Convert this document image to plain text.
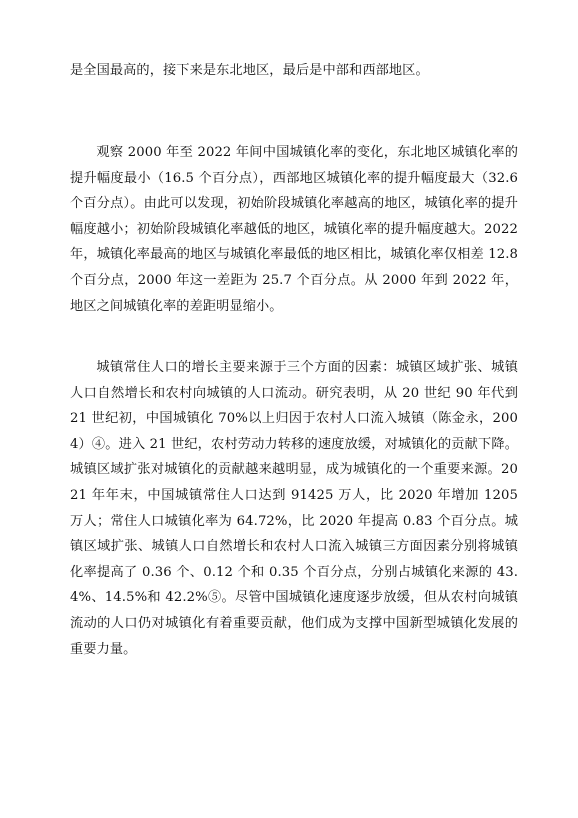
是全国最高的，接下来是东北地区，最后是中部和西部地区。

观察 2000 年至 2022 年间中国城镇化率的变化，东北地区城镇化率的提升幅度最小（16.5 个百分点），西部地区城镇化率的提升幅度最大（32.6 个百分点）。由此可以发现，初始阶段城镇化率越高的地区，城镇化率的提升幅度越小；初始阶段城镇化率越低的地区，城镇化率的提升幅度越大。2022 年，城镇化率最高的地区与城镇化率最低的地区相比，城镇化率仅相差 12.8 个百分点，2000 年这一差距为 25.7 个百分点。从 2000 年到 2022 年，地区之间城镇化率的差距明显缩小。

城镇常住人口的增长主要来源于三个方面的因素：城镇区域扩张、城镇人口自然增长和农村向城镇的人口流动。研究表明，从 20 世纪 90 年代到 21 世纪初，中国城镇化 70%以上归因于农村人口流入城镇（陈金永，2004）④。进入 21 世纪，农村劳动力转移的速度放缓，对城镇化的贡献下降。城镇区域扩张对城镇化的贡献越来越明显，成为城镇化的一个重要来源。2021 年年末，中国城镇常住人口达到 91425 万人，比 2020 年增加 1205 万人；常住人口城镇化率为 64.72%，比 2020 年提高 0.83 个百分点。城镇区域扩张、城镇人口自然增长和农村人口流入城镇三方面因素分别将城镇化率提高了 0.36 个、0.12 个和 0.35 个百分点，分别占城镇化来源的 43.4%、14.5%和 42.2%⑤。尽管中国城镇化速度逐步放缓，但从农村向城镇流动的人口仍对城镇化有着重要贡献，他们成为支撑中国新型城镇化发展的重要力量。
